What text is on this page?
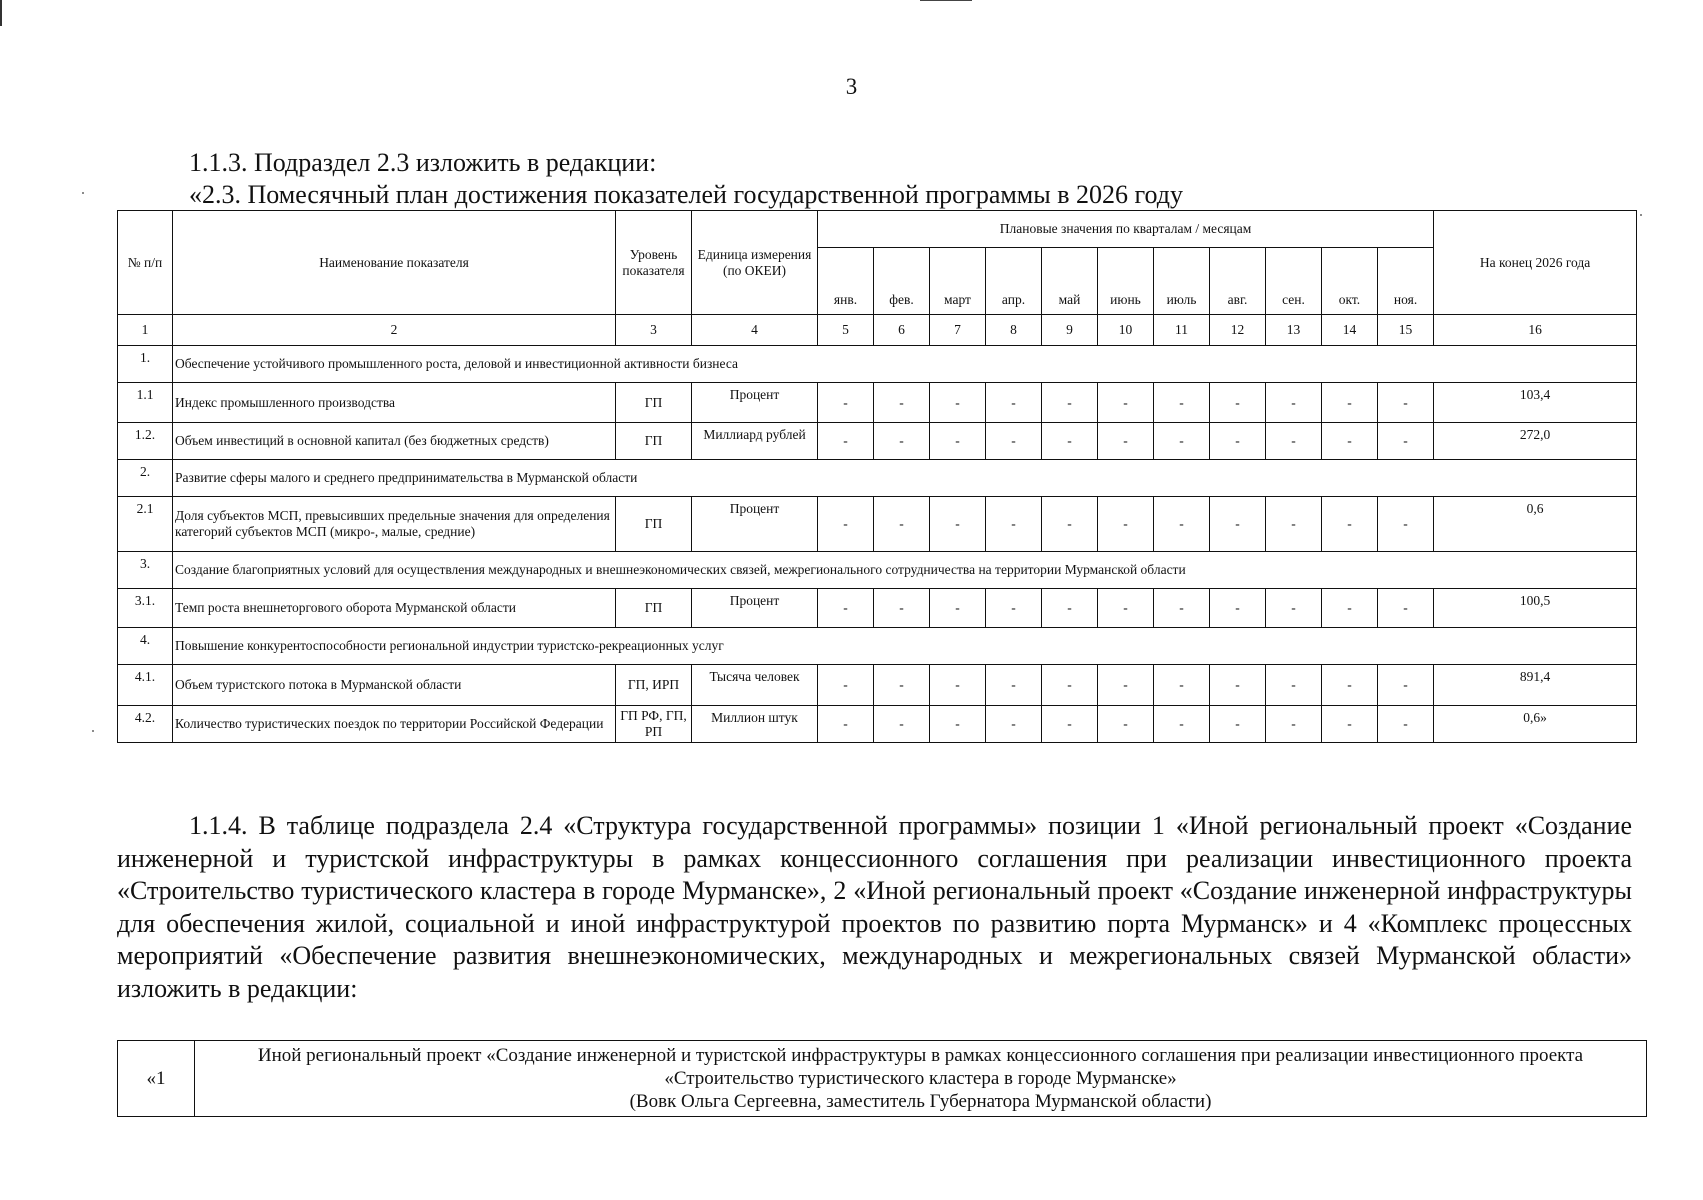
3
1.1.3. Подраздел 2.3 изложить в редакции:
«2.3. Помесячный план достижения показателей государственной программы в 2026 году
№ п/п	Наименование показателя	Уровень показателя	Единица измерения (по ОКЕИ)	Плановые значения по кварталам / месяцам											На конец 2026 года
				янв.	фев.	март	апр.	май	июнь	июль	авг.	сен.	окт.	ноя.	
1	2	3	4	5	6	7	8	9	10	11	12	13	14	15	16
1.	Обеспечение устойчивого промышленного роста, деловой и инвестиционной активности бизнеса														
1.1	Индекс промышленного производства	ГП	Процент	-	-	-	-	-	-	-	-	-	-	-	103,4
1.2.	Объем инвестиций в основной капитал (без бюджетных средств)	ГП	Миллиард рублей	-	-	-	-	-	-	-	-	-	-	-	272,0
2.	Развитие сферы малого и среднего предпринимательства в Мурманской области														
2.1	Доля субъектов МСП, превысивших предельные значения для определения категорий субъектов МСП (микро-, малые, средние)	ГП	Процент	-	-	-	-	-	-	-	-	-	-	-	0,6
3.	Создание благоприятных условий для осуществления международных и внешнеэкономических связей, межрегионального сотрудничества на территории Мурманской области														
3.1.	Темп роста внешнеторгового оборота Мурманской области	ГП	Процент	-	-	-	-	-	-	-	-	-	-	-	100,5
4.	Повышение конкурентоспособности региональной индустрии туристско-рекреационных услуг														
4.1.	Объем туристского потока в Мурманской области	ГП, ИРП	Тысяча человек	-	-	-	-	-	-	-	-	-	-	-	891,4
4.2.	Количество туристических поездок по территории Российской Федерации	ГП РФ, ГП, РП	Миллион штук	-	-	-	-	-	-	-	-	-	-	-	0,6»
1.1.4. В таблице подраздела 2.4 «Структура государственной программы» позиции 1 «Иной региональный проект «Создание инженерной и туристской инфраструктуры в рамках концессионного соглашения при реализации инвестиционного проекта «Строительство туристического кластера в городе Мурманске», 2 «Иной региональный проект «Создание инженерной инфраструктуры для обеспечения жилой, социальной и иной инфраструктурой проектов по развитию порта Мурманск» и 4 «Комплекс процессных мероприятий «Обеспечение развития внешнеэкономических, международных и межрегиональных связей Мурманской области» изложить в редакции:
«1	
Иной региональный проект «Создание инженерной и туристской инфраструктуры в рамках концессионного соглашения при реализации инвестиционного проекта
«Строительство туристического кластера в городе Мурманске»
(Вовк Ольга Сергеевна, заместитель Губернатора Мурманской области)
